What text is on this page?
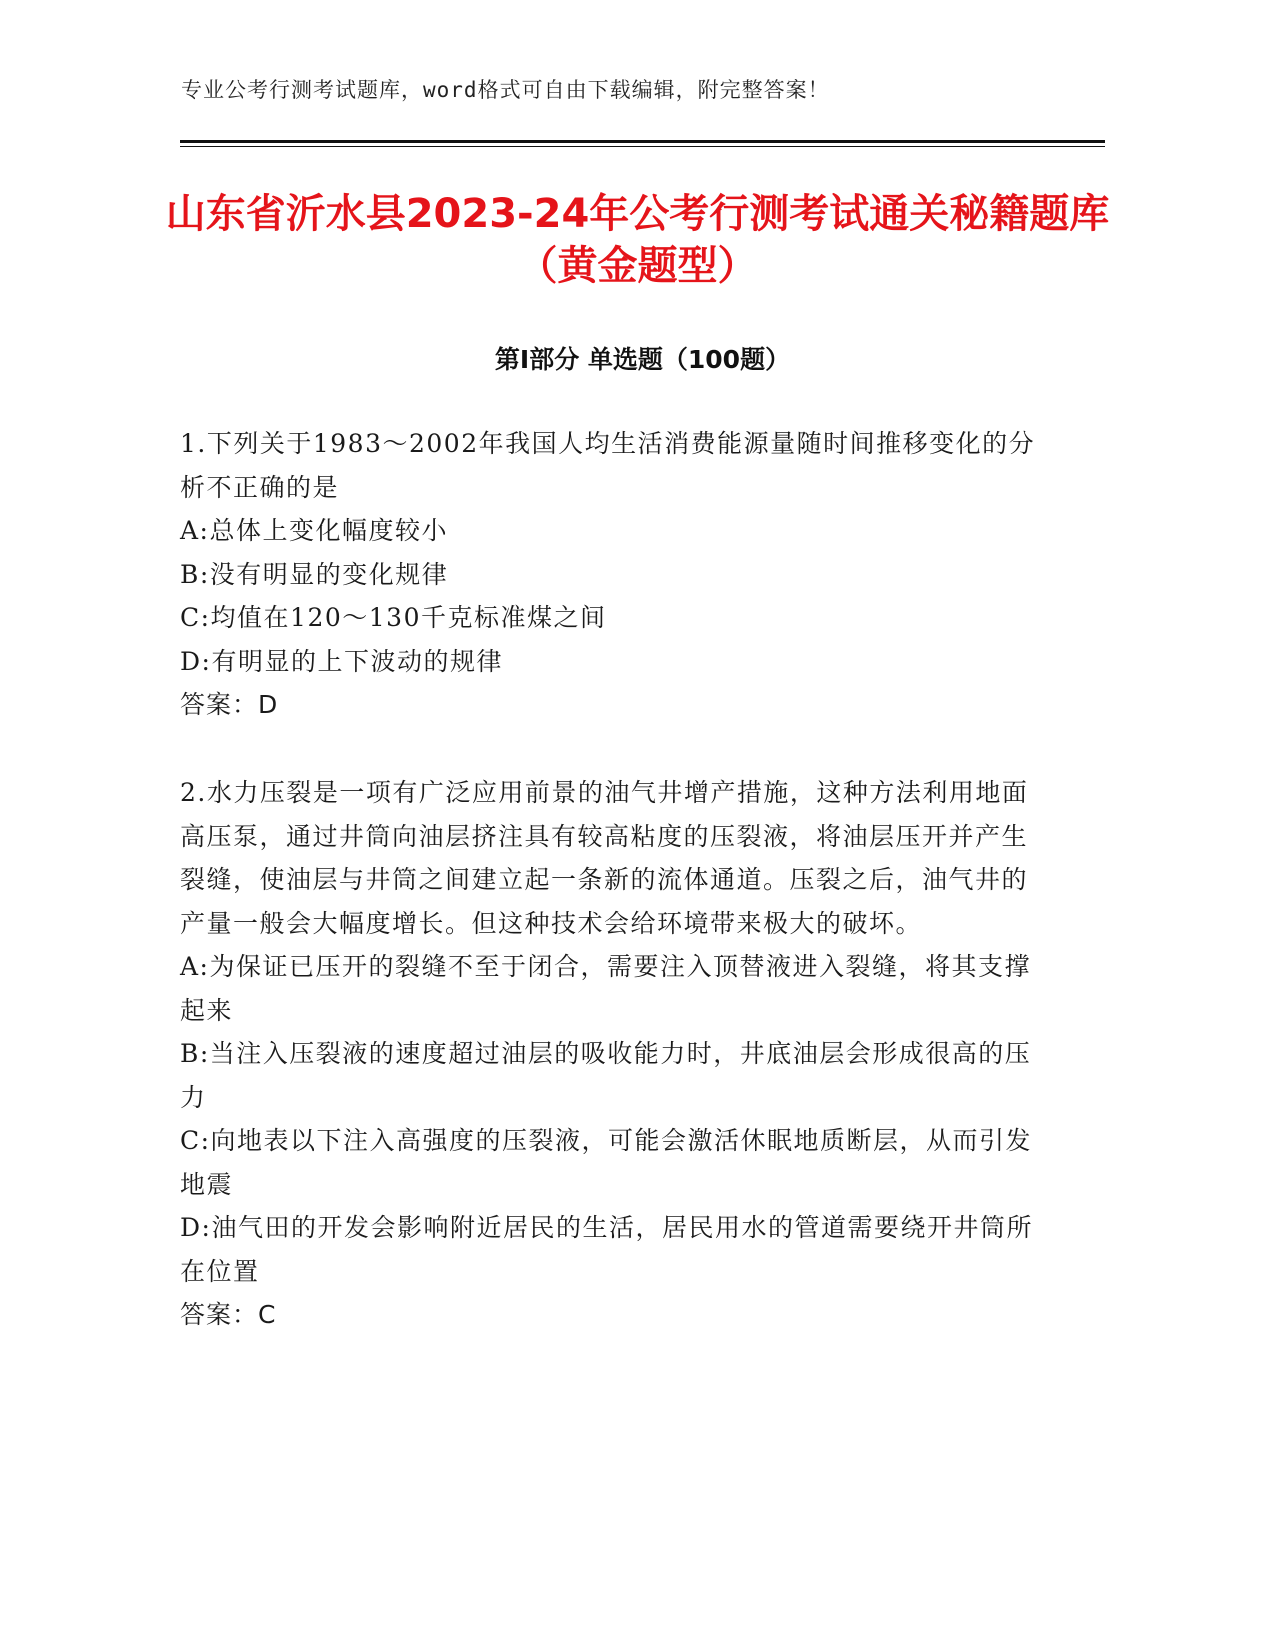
专业公考行测考试题库，word格式可自由下载编辑，附完整答案！
山东省沂水县2023-24年公考行测考试通关秘籍题库（黄金题型）
第Ⅰ部分 单选题（100题）

1.下列关于1983～2002年我国人均生活消费能源量随时间推移变化的分析不正确的是

A:总体上变化幅度较小

B:没有明显的变化规律

C:均值在120～130千克标准煤之间

D:有明显的上下波动的规律

答案：D

2.水力压裂是一项有广泛应用前景的油气井增产措施，这种方法利用地面高压泵，通过井筒向油层挤注具有较高粘度的压裂液，将油层压开并产生裂缝，使油层与井筒之间建立起一条新的流体通道。压裂之后，油气井的产量一般会大幅度增长。但这种技术会给环境带来极大的破坏。

A:为保证已压开的裂缝不至于闭合，需要注入顶替液进入裂缝，将其支撑起来

B:当注入压裂液的速度超过油层的吸收能力时，井底油层会形成很高的压力

C:向地表以下注入高强度的压裂液，可能会激活休眠地质断层，从而引发地震

D:油气田的开发会影响附近居民的生活，居民用水的管道需要绕开井筒所在位置

答案：C
